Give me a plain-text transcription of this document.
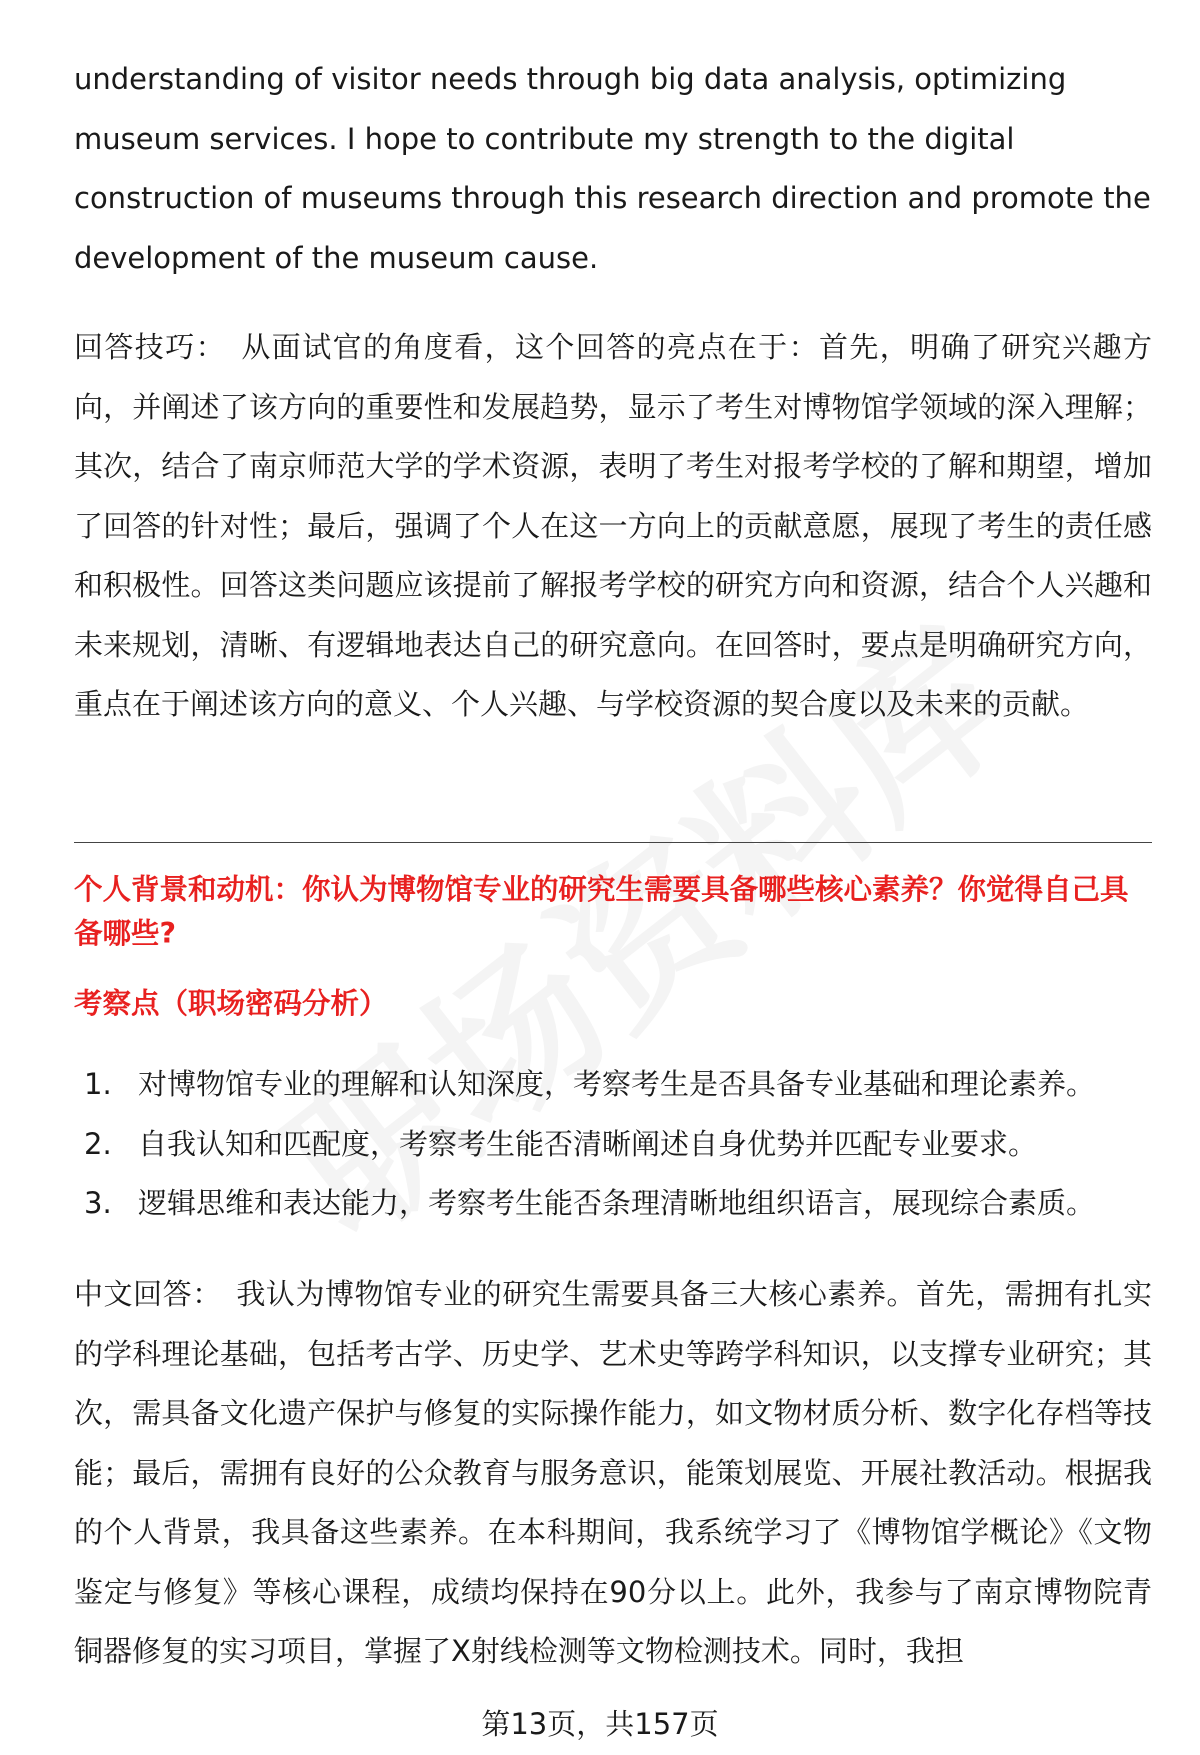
understanding of visitor needs through big data analysis, optimizing museum services. I hope to contribute my strength to the digital construction of museums through this research direction and promote the development of the museum cause.

回答技巧： 从面试官的角度看，这个回答的亮点在于：首先，明确了研究兴趣方向，并阐述了该方向的重要性和发展趋势，显示了考生对博物馆学领域的深入理解；其次，结合了南京师范大学的学术资源，表明了考生对报考学校的了解和期望，增加了回答的针对性；最后，强调了个人在这一方向上的贡献意愿，展现了考生的责任感和积极性。回答这类问题应该提前了解报考学校的研究方向和资源，结合个人兴趣和未来规划，清晰、有逻辑地表达自己的研究意向。在回答时，要点是明确研究方向，重点在于阐述该方向的意义、个人兴趣、与学校资源的契合度以及未来的贡献。

个人背景和动机：你认为博物馆专业的研究生需要具备哪些核心素养？你觉得自己具备哪些?

考察点（职场密码分析）

1. 对博物馆专业的理解和认知深度，考察考生是否具备专业基础和理论素养。
2. 自我认知和匹配度，考察考生能否清晰阐述自身优势并匹配专业要求。
3. 逻辑思维和表达能力，考察考生能否条理清晰地组织语言，展现综合素质。

中文回答： 我认为博物馆专业的研究生需要具备三大核心素养。首先，需拥有扎实的学科理论基础，包括考古学、历史学、艺术史等跨学科知识，以支撑专业研究；其次，需具备文化遗产保护与修复的实际操作能力，如文物材质分析、数字化存档等技能；最后，需拥有良好的公众教育与服务意识，能策划展览、开展社教活动。根据我的个人背景，我具备这些素养。在本科期间，我系统学习了《博物馆学概论》《文物鉴定与修复》等核心课程，成绩均保持在90分以上。此外，我参与了南京博物院青铜器修复的实习项目，掌握了X射线检测等文物检测技术。同时，我担

第13页，共157页
